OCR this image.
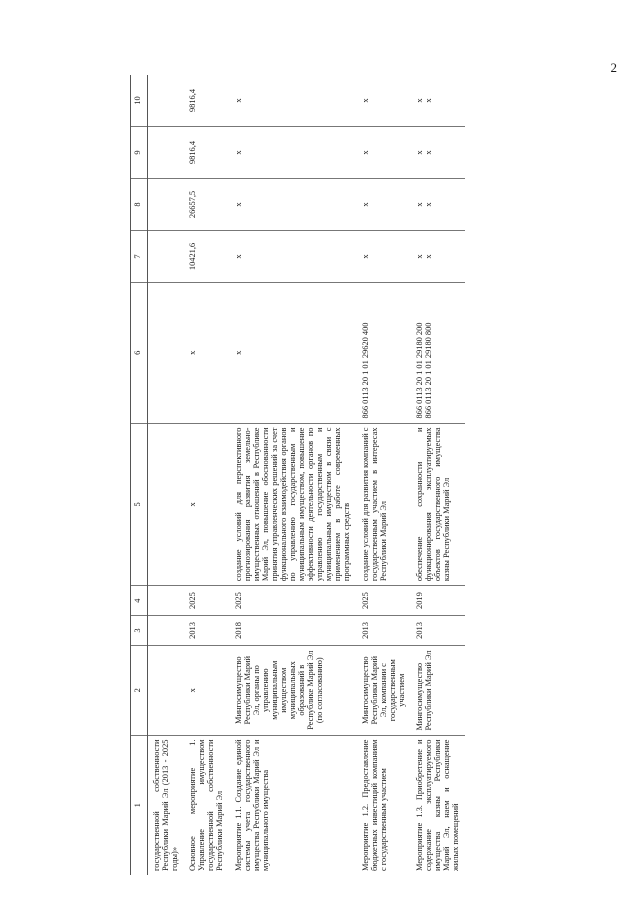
2
1	2	3	4	5	6	7	8	9	10
государственной собственности Республики Марий Эл (2013 - 2025 годы)»									
Основное мероприятие 1. Управление имуществом государственной собственности Республики Марий Эл	х	2013	2025	х	х	10421,6	26657,5	9816,4	9816,4
Мероприятие 1.1. Создание единой системы учета государственного имущества Республики Марий Эл и муниципального имущества	Мингосимущество Республики Марий Эл, органы по управлению муниципальным имуществом муниципальных образований в Республике Марий Эл (по согласованию)	2018	2025	создание условий для перспективного прогнозирования развития земельно-имущественных отношений в Республике Марий Эл, повышение обоснованности принятия управленческих решений за счет функционального взаимодействия органов по управлению государственным и муниципальным имуществом, повышение эффективности деятельности органов по управлению государственным и муниципальным имуществом в связи с применением в работе современных программных средств	х	х	х	х	х
Мероприятие 1.2. Предоставление бюджетных инвестиций компаниям с государственным участием	Мингосимущество Республики Марий Эл, компании с государственным участием	2013	2025	создание условий для развития компаний с государственным участием в интересах Республики Марий Эл	866 0113 20 1 01 29620 400	х	х	х	х
Мероприятие 1.3. Приобретение и содержание эксплуатируемого имущества казны Республики Марий Эл, наем и оснащение жилых помещений	Мингосимущество Республики Марий Эл	2013	2019	обеспечение сохранности и функционирования эксплуатируемых объектов государственного имущества казны Республики Марий Эл	866 0113 20 1 01 29180 200 866 0113 20 1 01 29180 800	х х	х х	х х	х х
